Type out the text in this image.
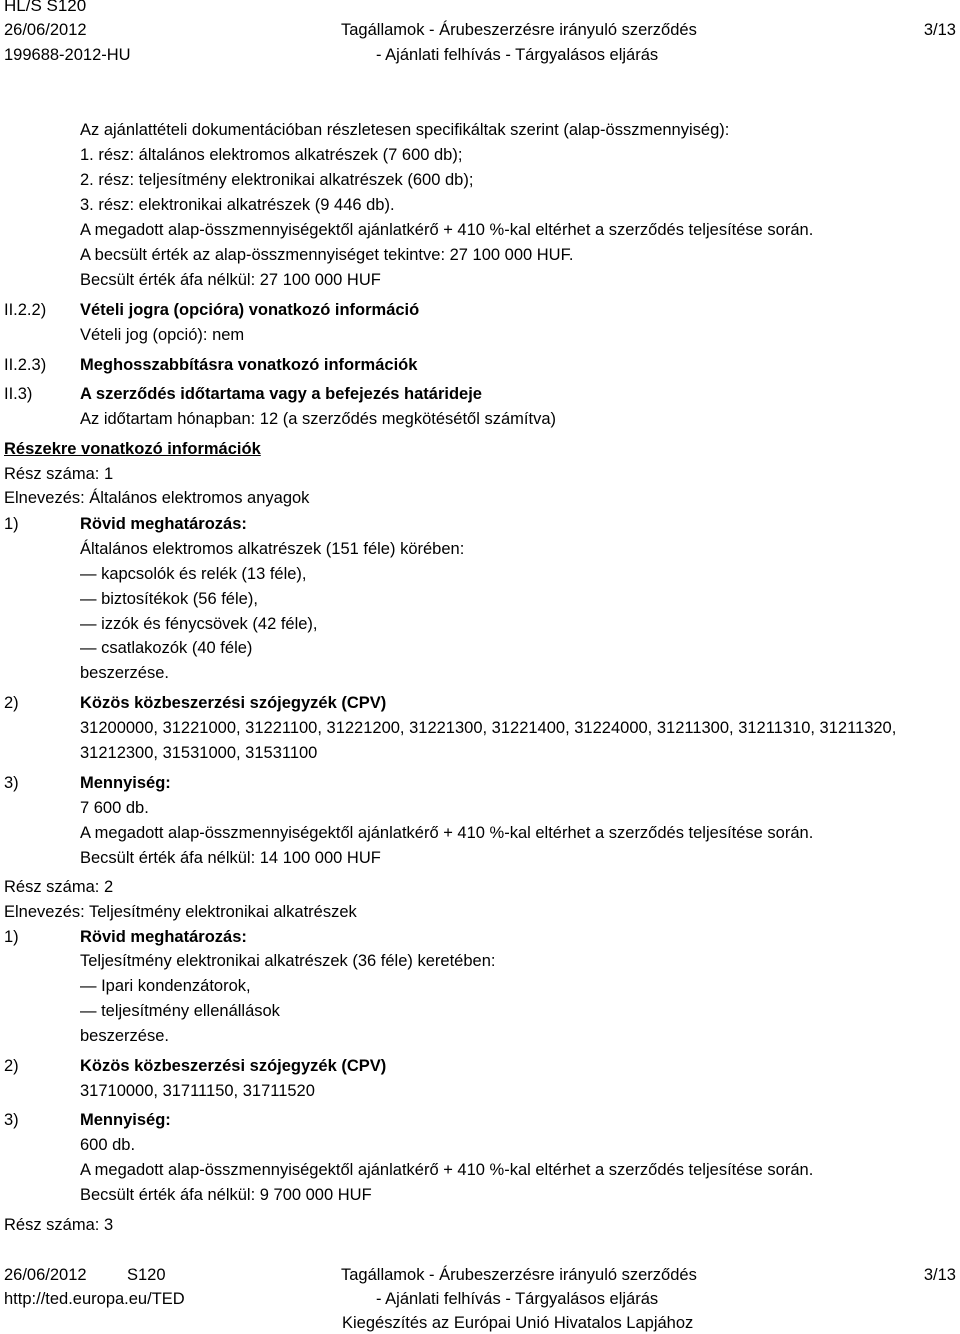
HL/S S120
26/06/2012
199688-2012-HU
Tagállamok - Árubeszerzésre irányuló szerződés
- Ajánlati felhívás - Tárgyalásos eljárás
3/13
Az ajánlattételi dokumentációban részletesen specifikáltak szerint (alap-összmennyiség):
1. rész: általános elektromos alkatrészek (7 600 db);
2. rész: teljesítmény elektronikai alkatrészek (600 db);
3. rész: elektronikai alkatrészek (9 446 db).
A megadott alap-összmennyiségektől ajánlatkérő + 410 %-kal eltérhet a szerződés teljesítése során.
A becsült érték az alap-összmennyiséget tekintve: 27 100 000 HUF.
Becsült érték áfa nélkül: 27 100 000 HUF
II.2.2) Vételi jogra (opcióra) vonatkozó információ
Vételi jog (opció): nem
II.2.3) Meghosszabbításra vonatkozó információk
II.3)	A szerződés időtartama vagy a befejezés határideje
Az időtartam hónapban: 12 (a szerződés megkötésétől számítva)
Részekre vonatkozó információk
Rész száma: 1
Elnevezés: Általános elektromos anyagok
1)	Rövid meghatározás:
Általános elektromos alkatrészek (151 féle) körében:
— kapcsolók és relék (13 féle),
— biztosítékok (56 féle),
— izzók és fénycsövek (42 féle),
— csatlakozók (40 féle)
beszerzése.
2)	Közös közbeszerzési szójegyzék (CPV)
31200000, 31221000, 31221100, 31221200, 31221300, 31221400, 31224000, 31211300, 31211310, 31211320,
31212300, 31531000, 31531100
3)	Mennyiség:
7 600 db.
A megadott alap-összmennyiségektől ajánlatkérő + 410 %-kal eltérhet a szerződés teljesítése során.
Becsült érték áfa nélkül: 14 100 000 HUF
Rész száma: 2
Elnevezés: Teljesítmény elektronikai alkatrészek
1)	Rövid meghatározás:
Teljesítmény elektronikai alkatrészek (36 féle) keretében:
— Ipari kondenzátorok,
— teljesítmény ellenállások
beszerzése.
2)	Közös közbeszerzési szójegyzék (CPV)
31710000, 31711150, 31711520
3)	Mennyiség:
600 db.
A megadott alap-összmennyiségektől ajánlatkérő + 410 %-kal eltérhet a szerződés teljesítése során.
Becsült érték áfa nélkül: 9 700 000 HUF
Rész száma: 3
26/06/2012 S120
http://ted.europa.eu/TED
Tagállamok - Árubeszerzésre irányuló szerződés
- Ajánlati felhívás - Tárgyalásos eljárás
Kiegészítés az Európai Unió Hivatalos Lapjához
3/13
